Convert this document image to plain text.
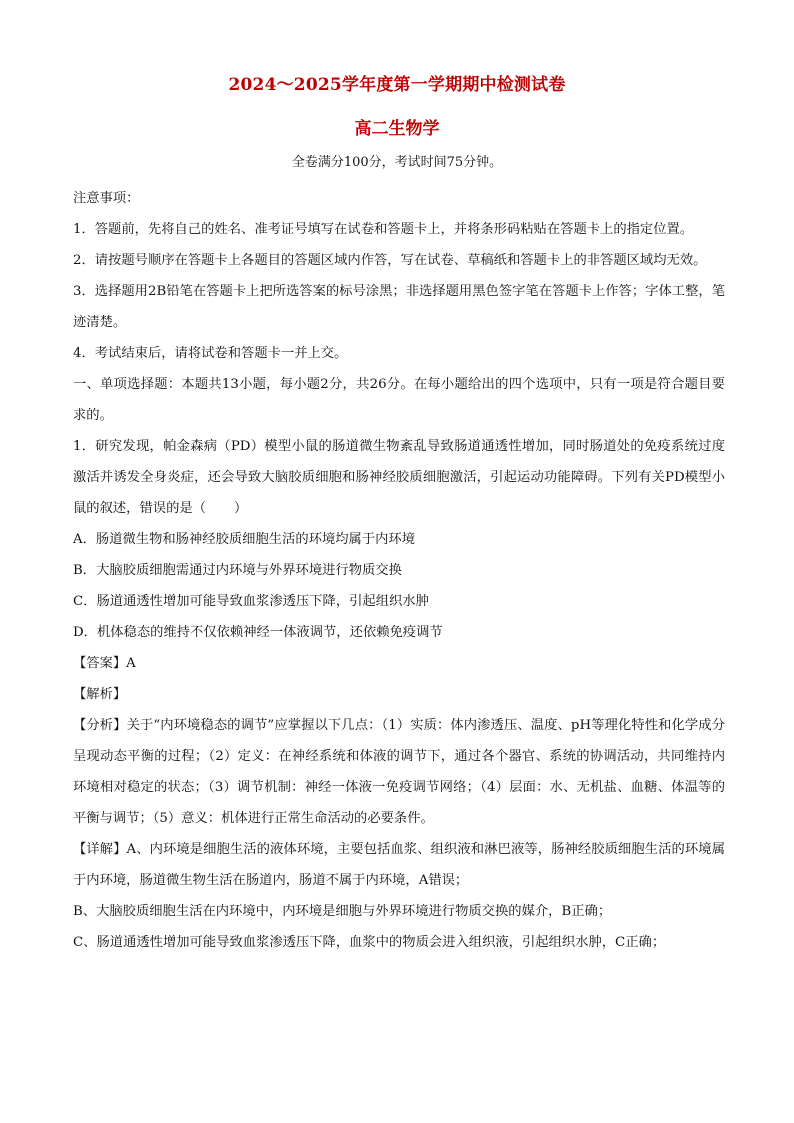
2024～2025学年度第一学期期中检测试卷
高二生物学
全卷满分100分，考试时间75分钟。

注意事项：

1．答题前，先将自己的姓名、准考证号填写在试卷和答题卡上，并将条形码粘贴在答题卡上的指定位置。

2．请按题号顺序在答题卡上各题目的答题区域内作答，写在试卷、草稿纸和答题卡上的非答题区域均无效。

3．选择题用2B铅笔在答题卡上把所选答案的标号涂黑；非选择题用黑色签字笔在答题卡上作答；字体工整，笔迹清楚。

4．考试结束后，请将试卷和答题卡一并上交。

一、单项选择题：本题共13小题，每小题2分，共26分。在每小题给出的四个选项中，只有一项是符合题目要求的。

1．研究发现，帕金森病（PD）模型小鼠的肠道微生物紊乱导致肠道通透性增加，同时肠道处的免疫系统过度激活并诱发全身炎症，还会导致大脑胶质细胞和肠神经胶质细胞激活，引起运动功能障碍。下列有关PD模型小鼠的叙述，错误的是（ ）

A．肠道微生物和肠神经胶质细胞生活的环境均属于内环境

B．大脑胶质细胞需通过内环境与外界环境进行物质交换

C．肠道通透性增加可能导致血浆渗透压下降，引起组织水肿

D．机体稳态的维持不仅依赖神经一体液调节，还依赖免疫调节

【答案】A

【解析】

【分析】关于“内环境稳态的调节”应掌握以下几点：（1）实质：体内渗透压、温度、pH等理化特性和化学成分呈现动态平衡的过程；（2）定义：在神经系统和体液的调节下，通过各个器官、系统的协调活动，共同维持内环境相对稳定的状态；（3）调节机制：神经一体液一免疫调节网络；（4）层面：水、无机盐、血糖、体温等的平衡与调节；（5）意义：机体进行正常生命活动的必要条件。

【详解】A、内环境是细胞生活的液体环境，主要包括血浆、组织液和淋巴液等，肠神经胶质细胞生活的环境属于内环境，肠道微生物生活在肠道内，肠道不属于内环境，A错误；

B、大脑胶质细胞生活在内环境中，内环境是细胞与外界环境进行物质交换的媒介，B正确；

C、肠道通透性增加可能导致血浆渗透压下降，血浆中的物质会进入组织液，引起组织水肿，C正确；
